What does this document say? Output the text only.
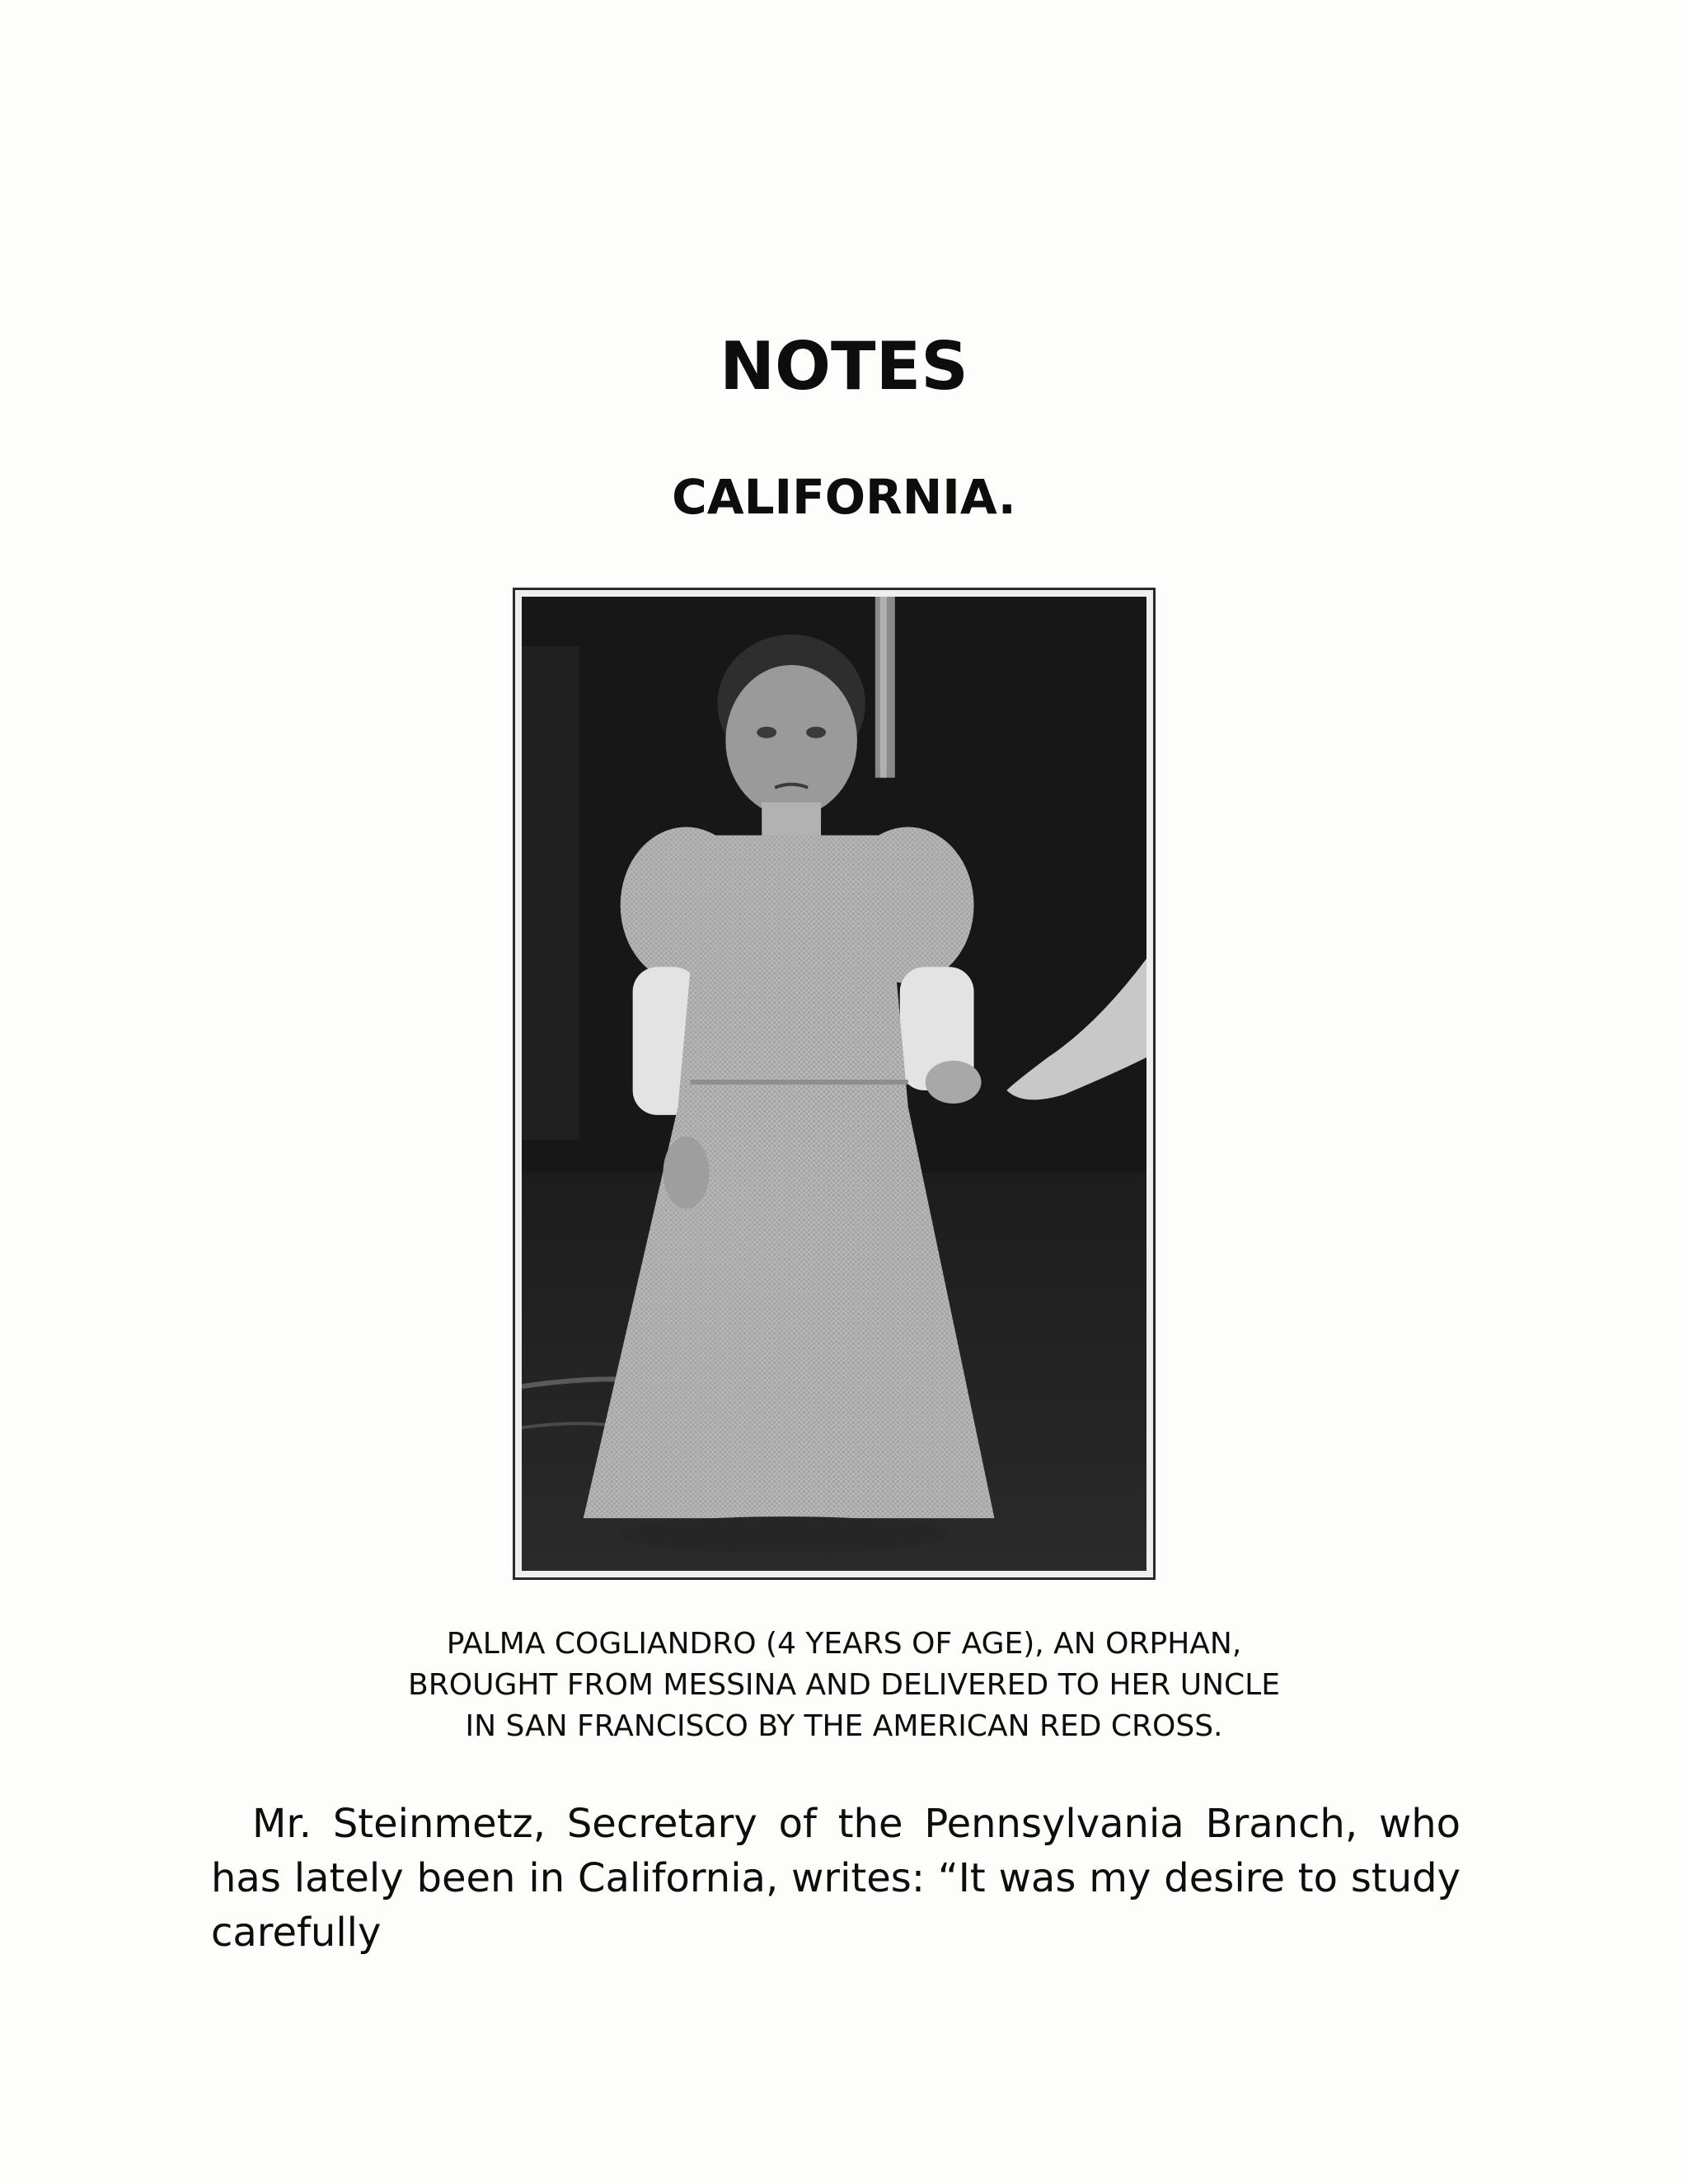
NOTES
CALIFORNIA.

PALMA COGLIANDRO (4 YEARS OF AGE), AN ORPHAN, BROUGHT FROM MESSINA AND DELIVERED TO HER UNCLE IN SAN FRANCISCO BY THE AMERICAN RED CROSS.

Mr. Steinmetz, Secretary of the Pennsylvania Branch, who has lately been in California, writes: “It was my desire to study carefully
